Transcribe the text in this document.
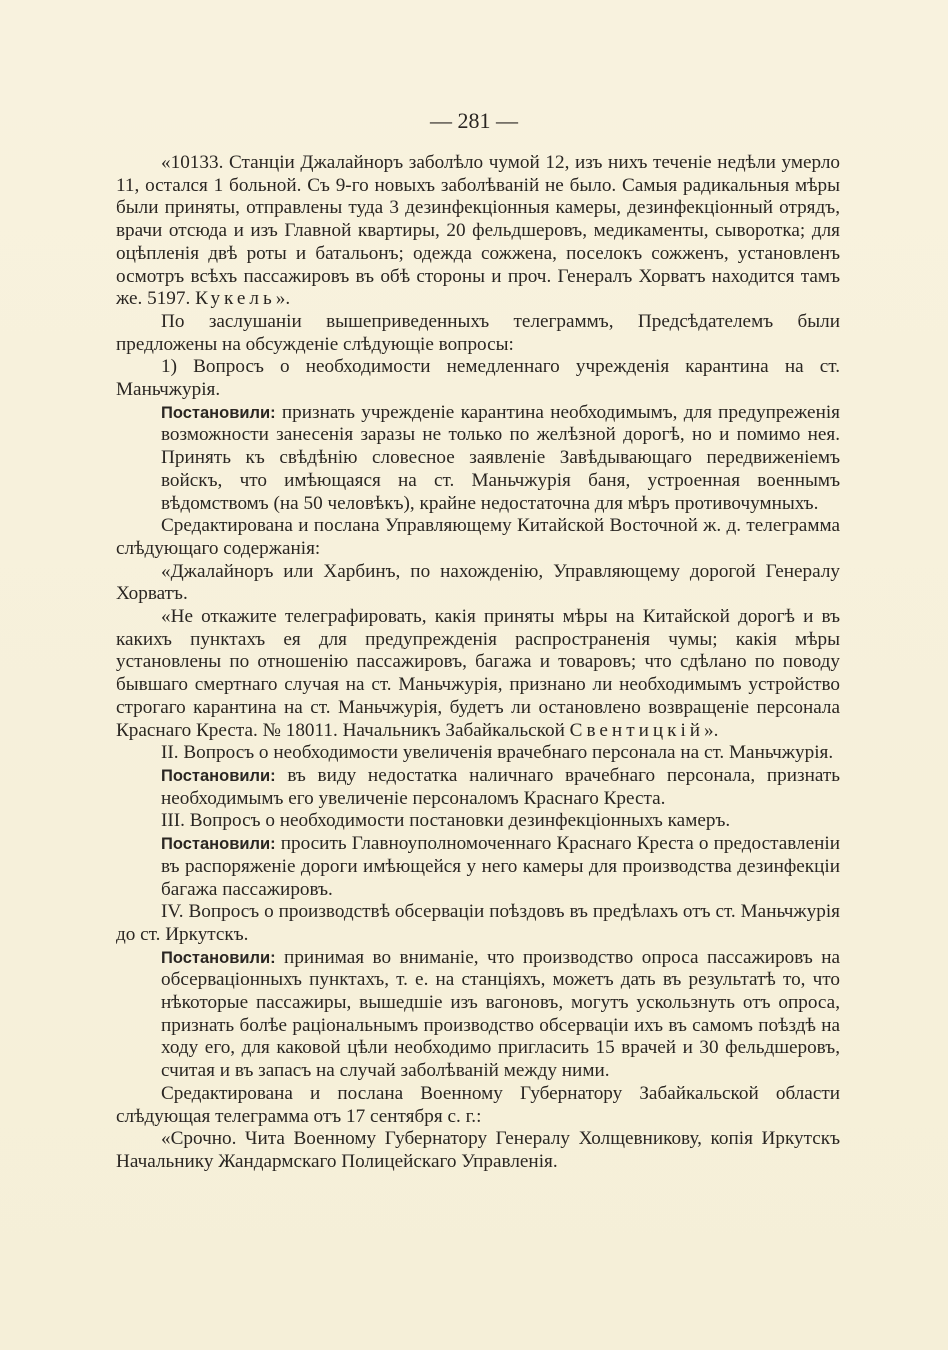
— 281 —

«10133. Станціи Джалайноръ заболѣло чумой 12, изъ нихъ теченіе недѣли умерло 11, остался 1 больной. Съ 9-го новыхъ заболѣваній не было. Самыя радикальныя мѣры были приняты, отправлены туда 3 дезинфекціонныя камеры, дезинфекціонный отрядъ, врачи отсюда и изъ Главной квартиры, 20 фельдшеровъ, медикаменты, сыворотка; для оцѣпленія двѣ роты и батальонъ; одежда сожжена, поселокъ сожженъ, установленъ осмотръ всѣхъ пассажировъ въ обѣ стороны и проч. Генералъ Хорватъ находится тамъ же. 5197. Кукель».

По заслушаніи вышеприведенныхъ телеграммъ, Предсѣдателемъ были предложены на обсужденіе слѣдующіе вопросы:

1) Вопросъ о необходимости немедленнаго учрежденія карантина на ст. Маньчжурія.

Постановили: признать учрежденіе карантина необходимымъ, для предупреженія возможности занесенія заразы не только по желѣзной дорогѣ, но и помимо нея. Принять къ свѣдѣнію словесное заявленіе Завѣдывающаго передвиженіемъ войскъ, что имѣющаяся на ст. Маньчжурія баня, устроенная военнымъ вѣдомствомъ (на 50 человѣкъ), крайне недостаточна для мѣръ противочумныхъ.

Средактирована и послана Управляющему Китайской Восточной ж. д. телеграмма слѣдующаго содержанія:

«Джалайноръ или Харбинъ, по нахожденію, Управляющему дорогой Генералу Хорватъ.

«Не откажите телеграфировать, какія приняты мѣры на Китайской дорогѣ и въ какихъ пунктахъ ея для предупрежденія распространенія чумы; какія мѣры установлены по отношенію пассажировъ, багажа и товаровъ; что сдѣлано по поводу бывшаго смертнаго случая на ст. Маньчжурія, признано ли необходимымъ устройство строгаго карантина на ст. Маньчжурія, будетъ ли остановлено возвращеніе персонала Краснаго Креста. № 18011. Начальникъ Забайкальской Свентицкій».

II. Вопросъ о необходимости увеличенія врачебнаго персонала на ст. Маньчжурія.

Постановили: въ виду недостатка наличнаго врачебнаго персонала, признать необходимымъ его увеличеніе персоналомъ Краснаго Креста.

III. Вопросъ о необходимости постановки дезинфекціонныхъ камеръ.

Постановили: просить Главноуполномоченнаго Краснаго Креста о предоставленіи въ распоряженіе дороги имѣющейся у него камеры для производства дезинфекціи багажа пассажировъ.

IV. Вопросъ о производствѣ обсерваціи поѣздовъ въ предѣлахъ отъ ст. Маньчжурія до ст. Иркутскъ.

Постановили: принимая во вниманіе, что производство опроса пассажировъ на обсерваціонныхъ пунктахъ, т. е. на станціяхъ, можетъ дать въ результатѣ то, что нѣкоторые пассажиры, вышедшіе изъ вагоновъ, могутъ ускользнуть отъ опроса, признать болѣе раціональнымъ производство обсерваціи ихъ въ самомъ поѣздѣ на ходу его, для каковой цѣли необходимо пригласить 15 врачей и 30 фельдшеровъ, считая и въ запасъ на случай заболѣваній между ними.

Средактирована и послана Военному Губернатору Забайкальской области слѣдующая телеграмма отъ 17 сентября с. г.:

«Срочно. Чита Военному Губернатору Генералу Холщевникову, копія Иркутскъ Начальнику Жандармскаго Полицейскаго Управленія.
